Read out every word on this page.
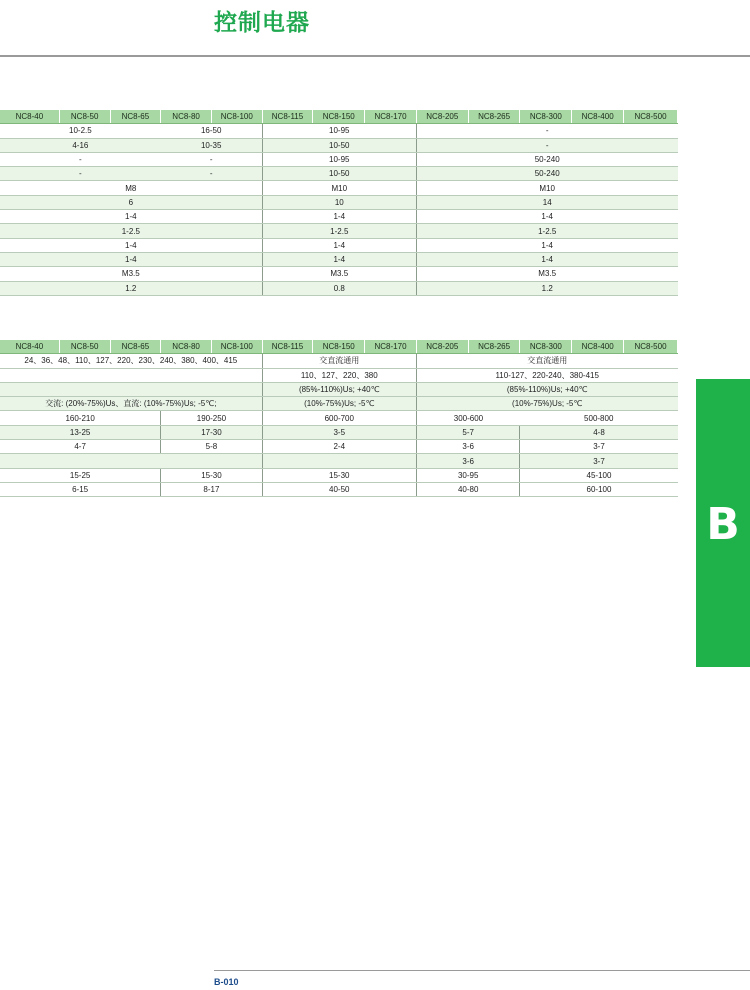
控制电器
NC8-40	NC8-50	NC8-65	NC8-80	NC8-100	NC8-115	NC8-150	NC8-170	NC8-205	NC8-265	NC8-300	NC8-400	NC8-500
10-2.5			16-50		10-95			-				
4-16			10-35		10-50			-				
-			-		10-95			50-240				
-			-		10-50			50-240				
M8					M10			M10				
6					10			14				
1-4					1-4			1-4				
1-2.5					1-2.5			1-2.5				
1-4					1-4			1-4				
1-4					1-4			1-4				
M3.5					M3.5			M3.5				
1.2					0.8			1.2				
NC8-40	NC8-50	NC8-65	NC8-80	NC8-100	NC8-115	NC8-150	NC8-170	NC8-205	NC8-265	NC8-300	NC8-400	NC8-500
24、36、48、110、127、220、230、240、380、400、415					交直流通用			交直流通用				
					110、127、220、380			110-127、220-240、380-415				
					(85%-110%)Us; +40℃			(85%-110%)Us; +40℃				
交流: (20%-75%)Us、直流: (10%-75%)Us; -5℃;					(10%-75%)Us; -5℃			(10%-75%)Us; -5℃				
160-210			190-250		600-700			300-600		500-800		
13-25			17-30		3-5			5-7		4-8		
4-7			5-8		2-4			3-6		3-7		
								3-6		3-7		
15-25			15-30		15-30			30-95		45-100		
6-15			8-17		40-50			40-80		60-100		
B
B-010
